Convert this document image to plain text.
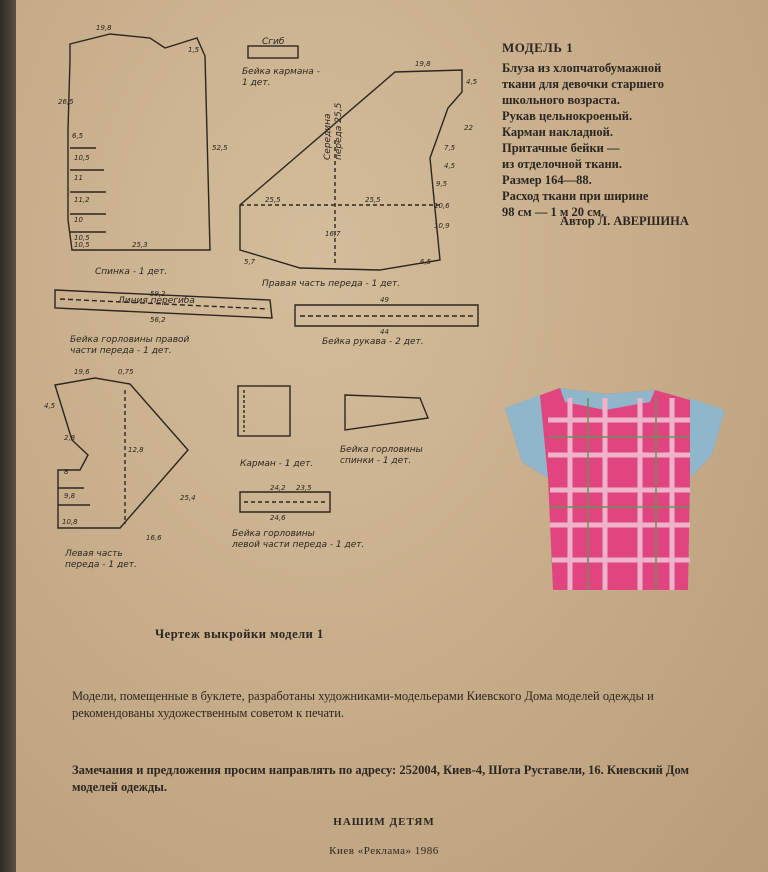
Спинка - 1 дет.
Правая часть переда - 1 дет.
Бейка горловины правой части переда - 1 дет.
Бейка рукава - 2 дет.
Левая часть переда - 1 дет.
Карман - 1 дет.
Бейка кармана -1 дет.
Сгиб
Бейка горловины спинки - 1 дет.
Бейка горловины левой части переда - 1 дет.
Линия перегиба
Серединапереда 25,5
19,8
26,5
6,5
10,5
11
11,2
10
10,5
10,5	25,3
52,5
1,5
19,8
4,5
22
7,5
4,5
9,5
10,6
10,9
25,5	25,5
16,7
5,7	6,5
19,6	0,75
4,5
2,8
12,8
8
9,8
10,8
16,6
25,4
59,2
56,2
49
44
23,5
24,2
24,6
МОДЕЛЬ 1
Блуза из хлопчатобумажной
ткани для девочки старшего
школьного возраста.
Рукав цельнокроеный.
Карман накладной.
Притачные бейки —
из отделочной ткани.
Размер 164—88.
Расход ткани при ширине
98 см — 1 м 20 см.
Автор Л. АВЕРШИНА
Чертеж выкройки модели 1
Модели, помещенные в буклете, разработаны художниками-модельерами Киевского Дома моделей одежды и рекомендованы художественным советом к печати.
Замечания и предложения просим направлять по адресу: 252004, Киев-4, Шота Руставели, 16. Киевский Дом моделей одежды.
НАШИМ ДЕТЯМ
Киев «Реклама» 1986
